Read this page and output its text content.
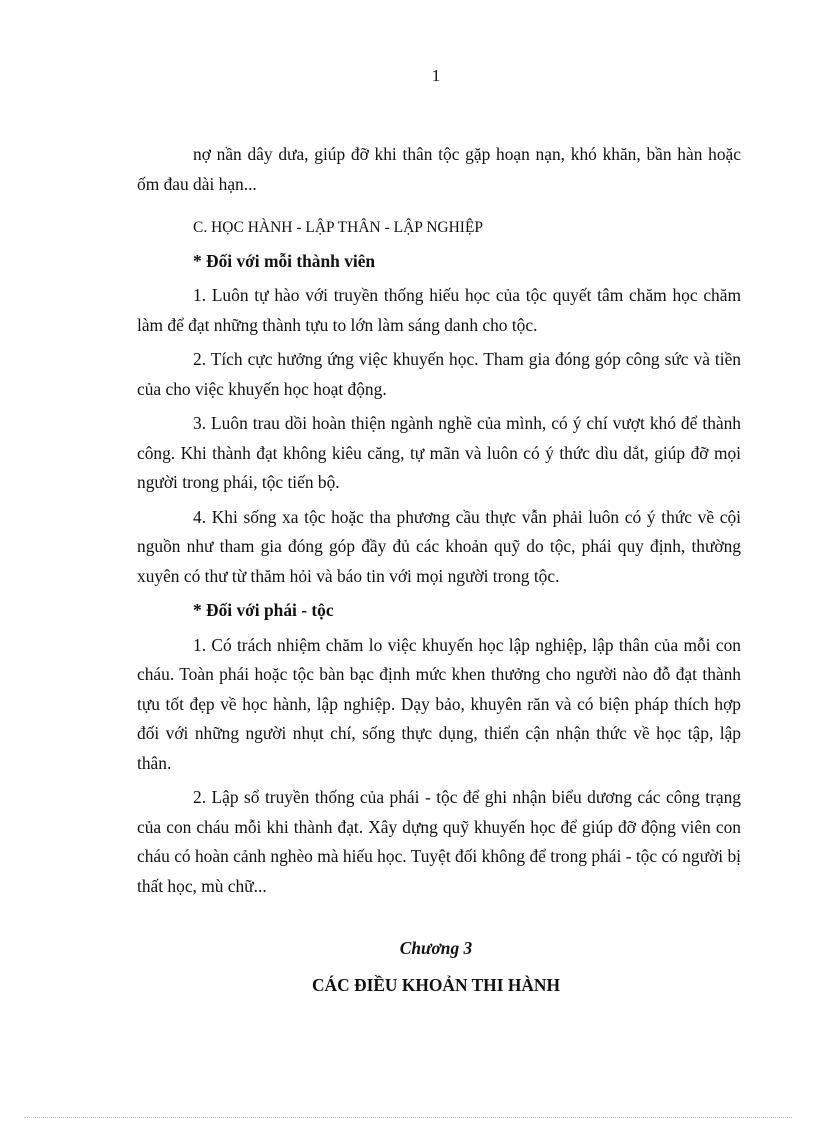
1

nợ nần dây dưa, giúp đỡ khi thân tộc gặp hoạn nạn, khó khăn, bần hàn hoặc ốm đau dài hạn...

C. HỌC HÀNH - LẬP THÂN - LẬP NGHIỆP

* Đối với mỗi thành viên

1. Luôn tự hào với truyền thống hiếu học của tộc quyết tâm chăm học chăm làm để đạt những thành tựu to lớn làm sáng danh cho tộc.

2. Tích cực hưởng ứng việc khuyến học. Tham gia đóng góp công sức và tiền của cho việc khuyến học hoạt động.

3. Luôn trau dồi hoàn thiện ngành nghề của mình, có ý chí vượt khó để thành công. Khi thành đạt không kiêu căng, tự mãn và luôn có ý thức dìu dắt, giúp đỡ mọi người trong phái, tộc tiến bộ.

4. Khi sống xa tộc hoặc tha phương cầu thực vẫn phải luôn có ý thức về cội nguồn như tham gia đóng góp đầy đủ các khoản quỹ do tộc, phái quy định, thường xuyên có thư từ thăm hỏi và báo tin với mọi người trong tộc.

* Đối với phái - tộc

1. Có trách nhiệm chăm lo việc khuyến học lập nghiệp, lập thân của mỗi con cháu. Toàn phái hoặc tộc bàn bạc định mức khen thưởng cho người nào đỗ đạt thành tựu tốt đẹp về học hành, lập nghiệp. Dạy bảo, khuyên răn và có biện pháp thích hợp đối với những người nhụt chí, sống thực dụng, thiển cận nhận thức về học tập, lập thân.

2. Lập sổ truyền thống của phái - tộc để ghi nhận biểu dương các công trạng của con cháu mỗi khi thành đạt. Xây dựng quỹ khuyến học để giúp đỡ động viên con cháu có hoàn cảnh nghèo mà hiếu học. Tuyệt đối không để trong phái - tộc có người bị thất học, mù chữ...

Chương 3
CÁC ĐIỀU KHOẢN THI HÀNH
